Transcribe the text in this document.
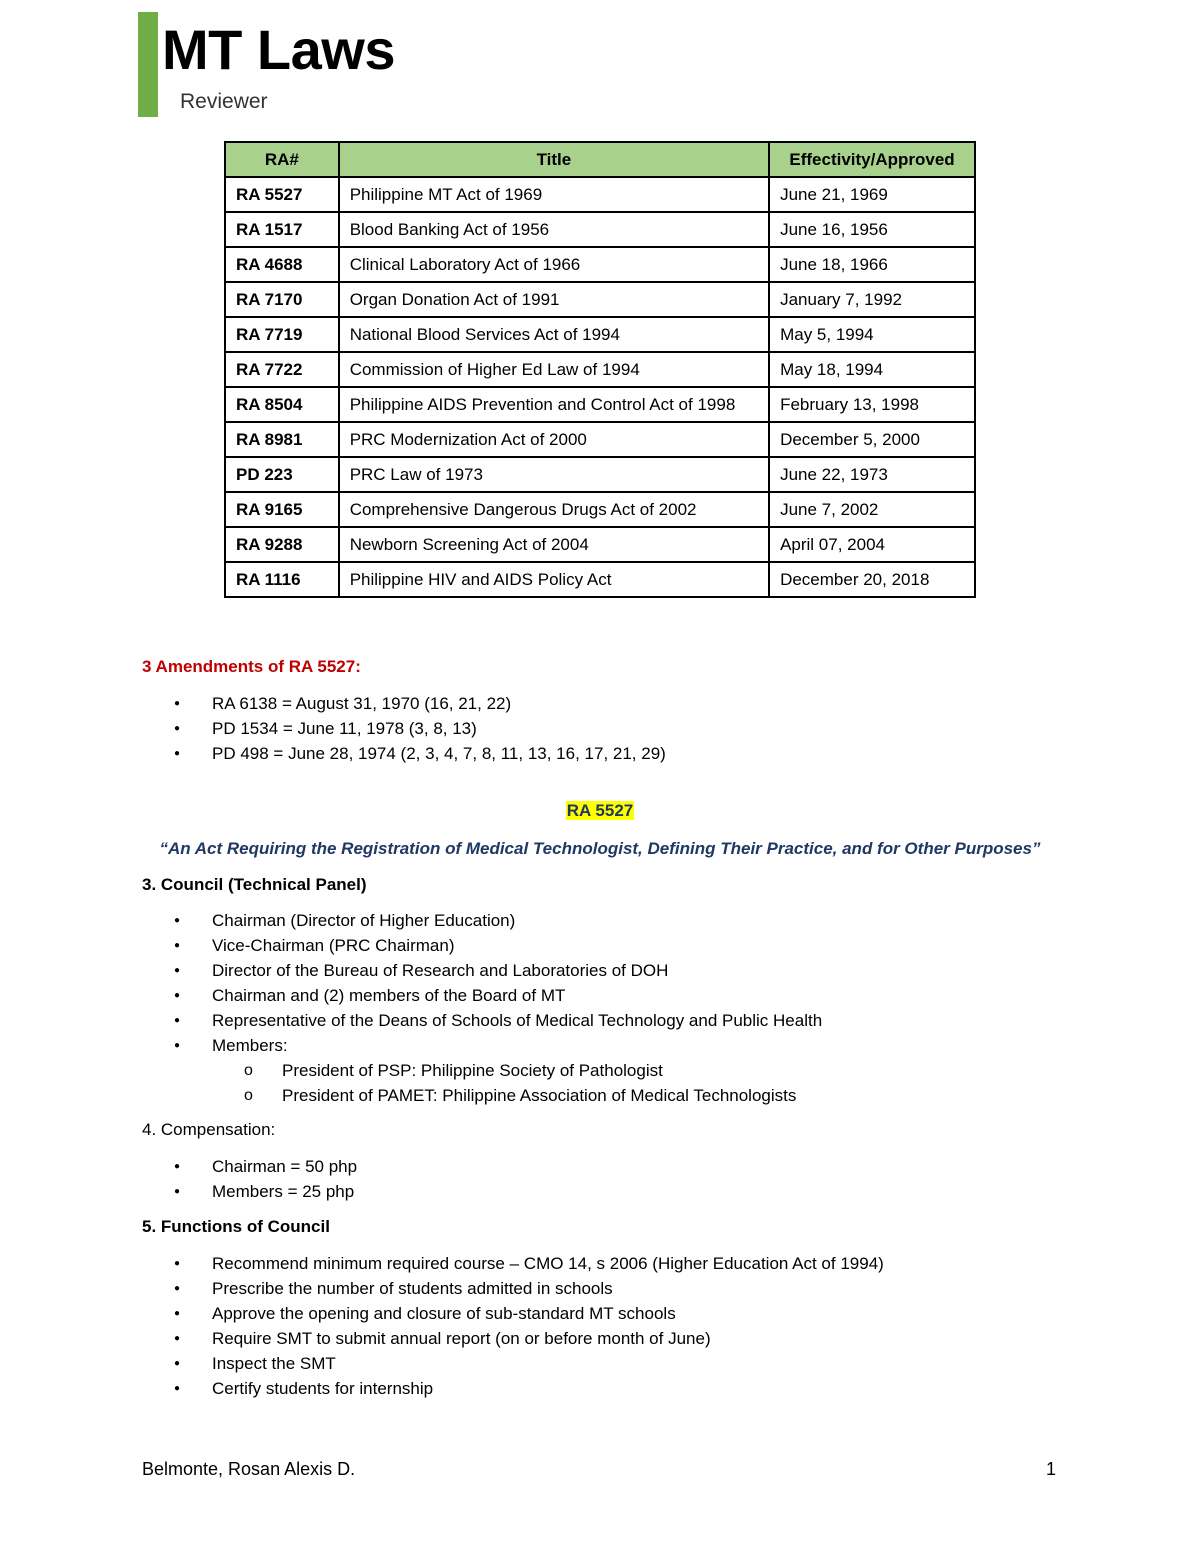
MT Laws
Reviewer
RA#	Title	Effectivity/Approved
RA 5527	Philippine MT Act of 1969	June 21, 1969
RA 1517	Blood Banking Act of 1956	June 16, 1956
RA 4688	Clinical Laboratory Act of 1966	June 18, 1966
RA 7170	Organ Donation Act of 1991	January 7, 1992
RA 7719	National Blood Services Act of 1994	May 5, 1994
RA 7722	Commission of Higher Ed Law of 1994	May 18, 1994
RA 8504	Philippine AIDS Prevention and Control Act of 1998	February 13, 1998
RA 8981	PRC Modernization Act of 2000	December 5, 2000
PD 223	PRC Law of 1973	June 22, 1973
RA 9165	Comprehensive Dangerous Drugs Act of 2002	June 7, 2002
RA 9288	Newborn Screening Act of 2004	April 07, 2004
RA 1116	Philippine HIV and AIDS Policy Act	December 20, 2018
3 Amendments of RA 5527:
● RA 6138 = August 31, 1970 (16, 21, 22)
● PD 1534 = June 11, 1978 (3, 8, 13)
● PD 498 = June 28, 1974 (2, 3, 4, 7, 8, 11, 13, 16, 17, 21, 29)
RA 5527
“An Act Requiring the Registration of Medical Technologist, Defining Their Practice, and for Other Purposes”
3. Council (Technical Panel)
● Chairman (Director of Higher Education)
● Vice-Chairman (PRC Chairman)
● Director of the Bureau of Research and Laboratories of DOH
● Chairman and (2) members of the Board of MT
● Representative of the Deans of Schools of Medical Technology and Public Health
● Members:
o President of PSP: Philippine Society of Pathologist
o President of PAMET: Philippine Association of Medical Technologists
4. Compensation:
● Chairman = 50 php
● Members = 25 php
5. Functions of Council
● Recommend minimum required course – CMO 14, s 2006 (Higher Education Act of 1994)
● Prescribe the number of students admitted in schools
● Approve the opening and closure of sub-standard MT schools
● Require SMT to submit annual report (on or before month of June)
● Inspect the SMT
● Certify students for internship
Belmonte, Rosan Alexis D.	1
